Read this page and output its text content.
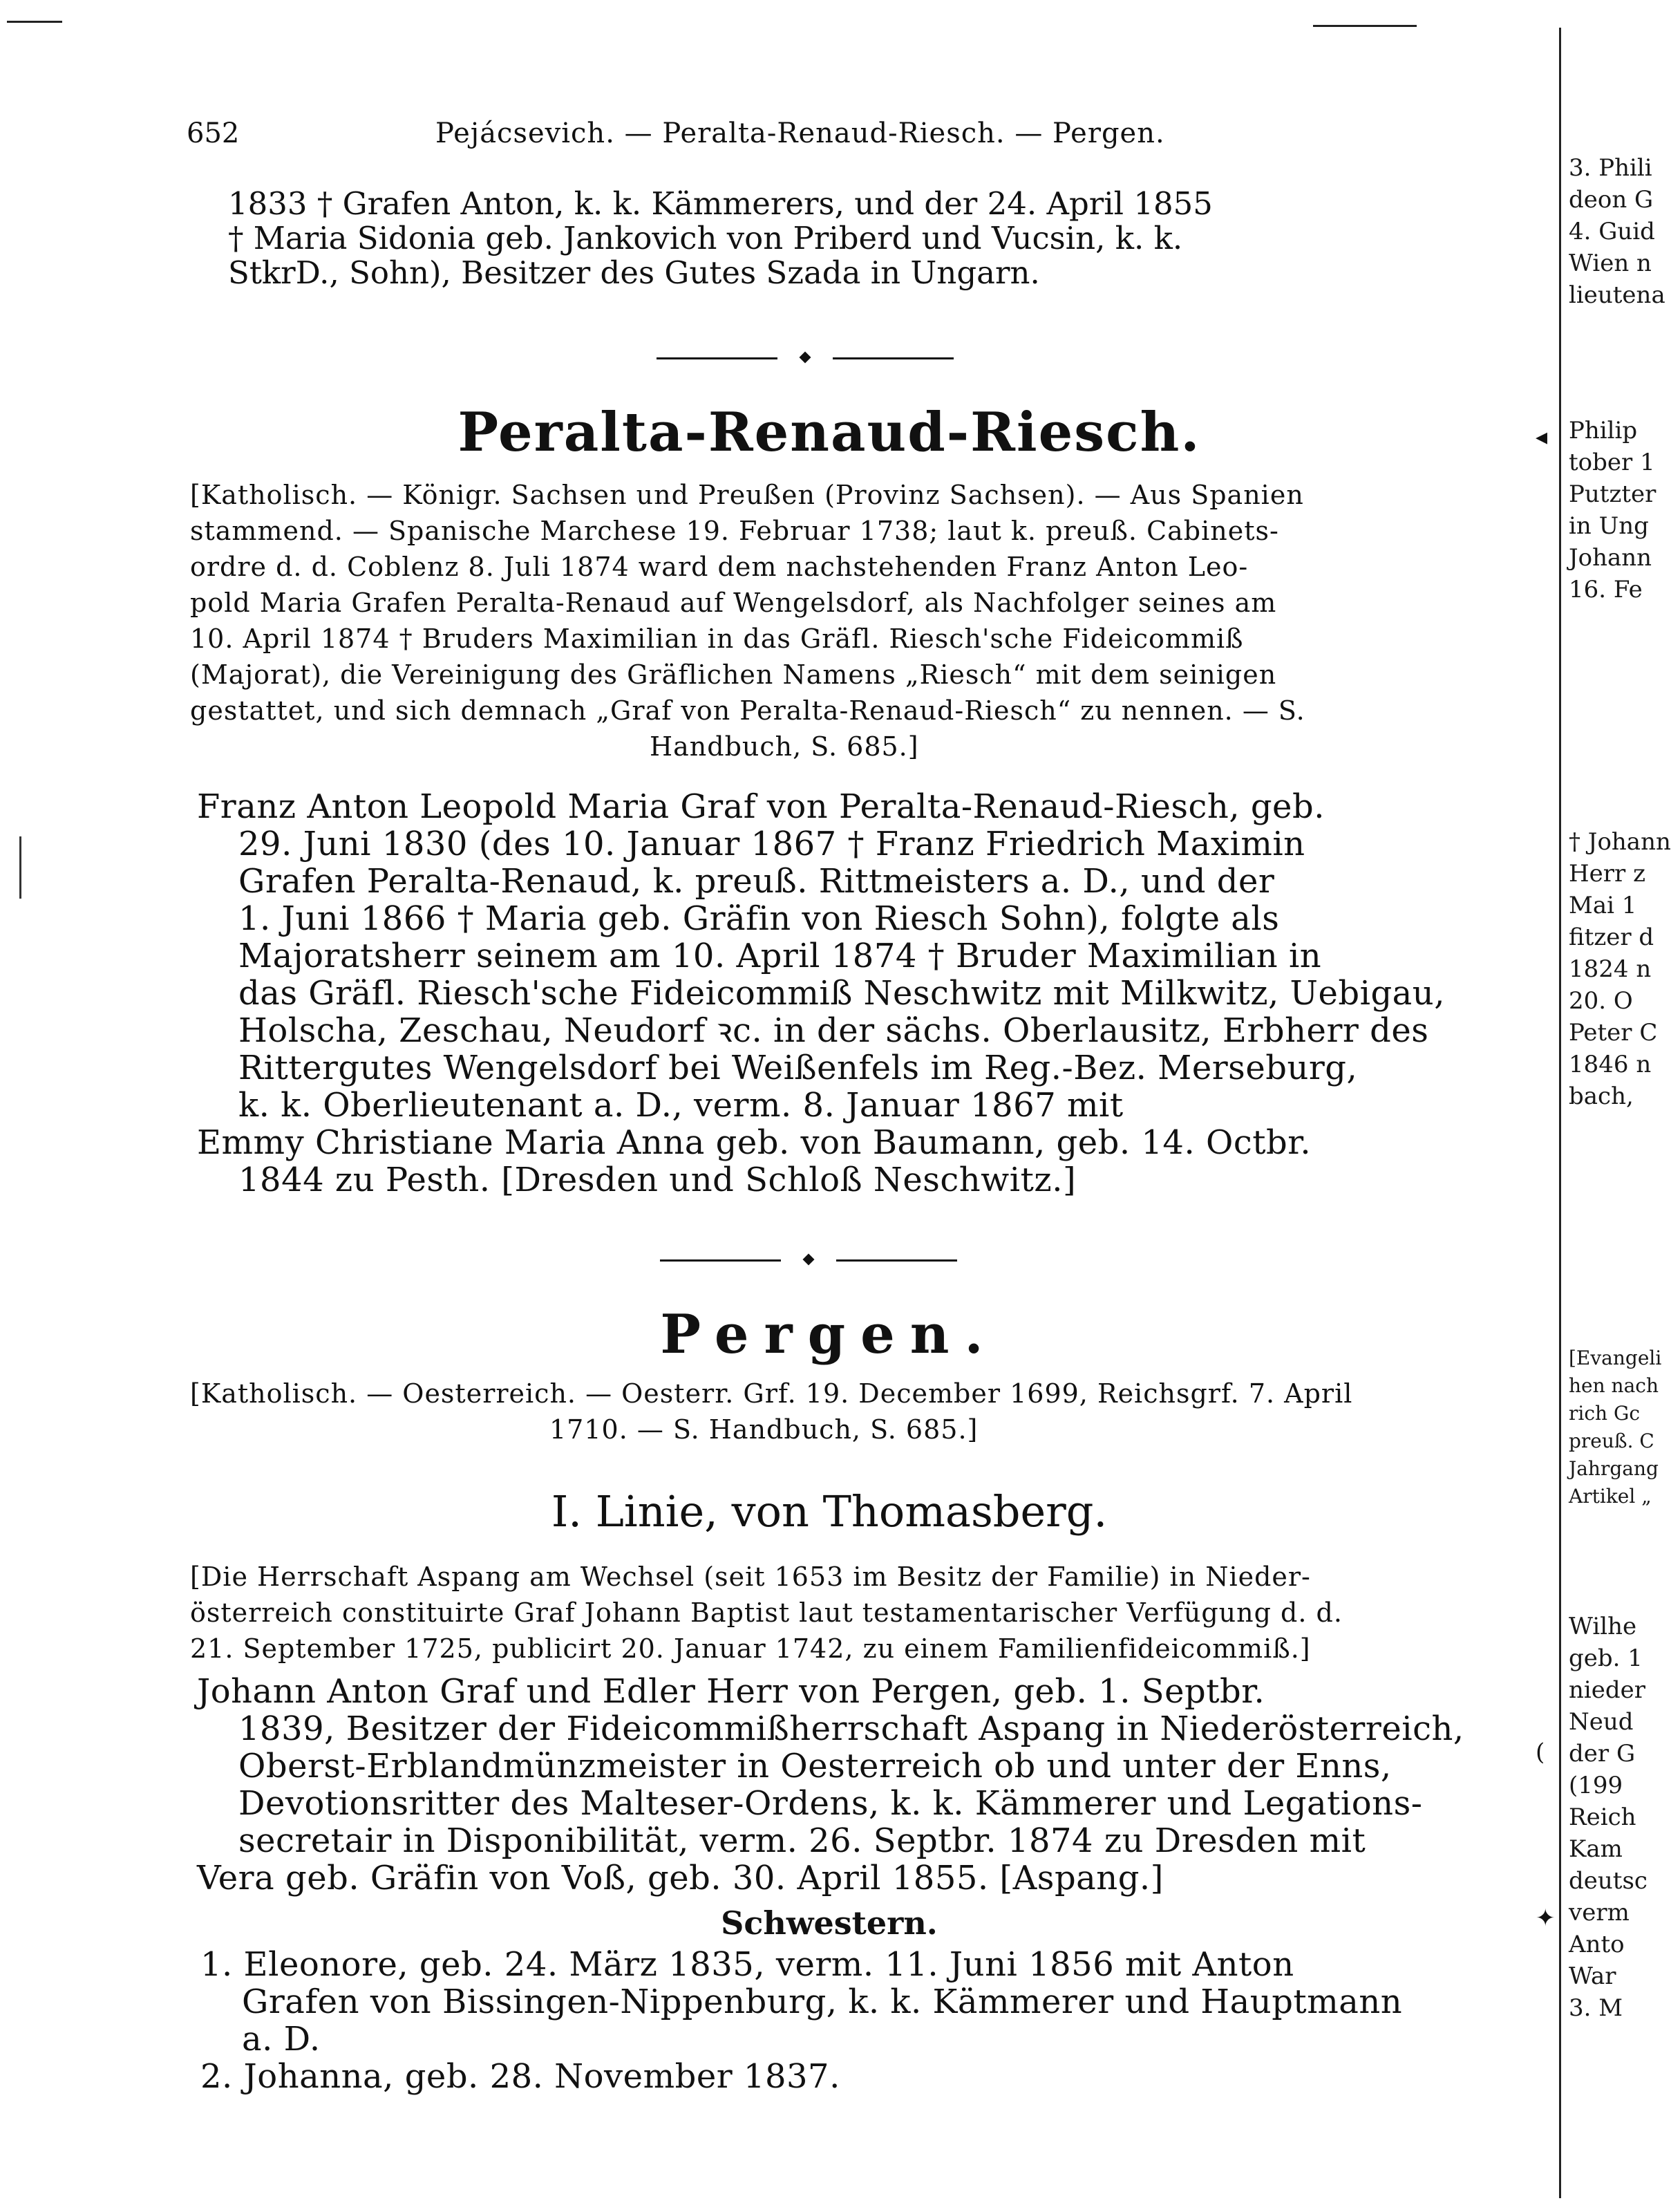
652	Pejácsevich. — Peralta-Renaud-Riesch. — Pergen.
1833 † Grafen Anton, k. k. Kämmerers, und der 24. April 1855
† Maria Sidonia geb. Jankovich von Priberd und Vucsin, k. k.
StkrD., Sohn), Besitzer des Gutes Szada in Ungarn.
Peralta-Renaud-Riesch.
[Katholisch. — Königr. Sachsen und Preußen (Provinz Sachsen). — Aus Spanien
stammend. — Spanische Marchese 19. Februar 1738; laut k. preuß. Cabinets-
ordre d. d. Coblenz 8. Juli 1874 ward dem nachstehenden Franz Anton Leo-
pold Maria Grafen Peralta-Renaud auf Wengelsdorf, als Nachfolger seines am
10. April 1874 † Bruders Maximilian in das Gräfl. Riesch'sche Fideicommiß
(Majorat), die Vereinigung des Gräflichen Namens „Riesch“ mit dem seinigen
gestattet, und sich demnach „Graf von Peralta-Renaud-Riesch“ zu nennen. — S.
Handbuch, S. 685.]
Franz Anton Leopold Maria Graf von Peralta-Renaud-Riesch, geb.
29. Juni 1830 (des 10. Januar 1867 † Franz Friedrich Maximin
Grafen Peralta-Renaud, k. preuß. Rittmeisters a. D., und der
1. Juni 1866 † Maria geb. Gräfin von Riesch Sohn), folgte als
Majoratsherr seinem am 10. April 1874 † Bruder Maximilian in
das Gräfl. Riesch'sche Fideicommiß Neschwitz mit Milkwitz, Uebigau,
Holscha, Zeschau, Neudorf ꝛc. in der sächs. Oberlausitz, Erbherr des
Rittergutes Wengelsdorf bei Weißenfels im Reg.-Bez. Merseburg,
k. k. Oberlieutenant a. D., verm. 8. Januar 1867 mit
Emmy Christiane Maria Anna geb. von Baumann, geb. 14. Octbr.
1844 zu Pesth. [Dresden und Schloß Neschwitz.]
Pergen.
[Katholisch. — Oesterreich. — Oesterr. Grf. 19. December 1699, Reichsgrf. 7. April
1710. — S. Handbuch, S. 685.]
I. Linie, von Thomasberg.
[Die Herrschaft Aspang am Wechsel (seit 1653 im Besitz der Familie) in Nieder-
österreich constituirte Graf Johann Baptist laut testamentarischer Verfügung d. d.
21. September 1725, publicirt 20. Januar 1742, zu einem Familienfideicommiß.]
Johann Anton Graf und Edler Herr von Pergen, geb. 1. Septbr.
1839, Besitzer der Fideicommißherrschaft Aspang in Niederösterreich,
Oberst-Erblandmünzmeister in Oesterreich ob und unter der Enns,
Devotionsritter des Malteser-Ordens, k. k. Kämmerer und Legations-
secretair in Disponibilität, verm. 26. Septbr. 1874 zu Dresden mit
Vera geb. Gräfin von Voß, geb. 30. April 1855. [Aspang.]
Schwestern.
1. Eleonore, geb. 24. März 1835, verm. 11. Juni 1856 mit Anton
Grafen von Bissingen-Nippenburg, k. k. Kämmerer und Hauptmann
a. D.
2. Johanna, geb. 28. November 1837.
3. Phili
deon G
4. Guid
Wien n
lieutena
Philip
tober 1
Putzter
in Ung
Johann
16. Fe
† Johann
Herr z
Mai 1
fitzer d
1824 n
20. O
Peter C
1846 n
bach,
[Evangeli
hen nach
rich Gc
preuß. C
Jahrgang
Artikel „
Wilhe
geb. 1
nieder
Neud
der G
(199
Reich
Kam
deutsc
verm
Anto
War
3. M
◂
(
✦
